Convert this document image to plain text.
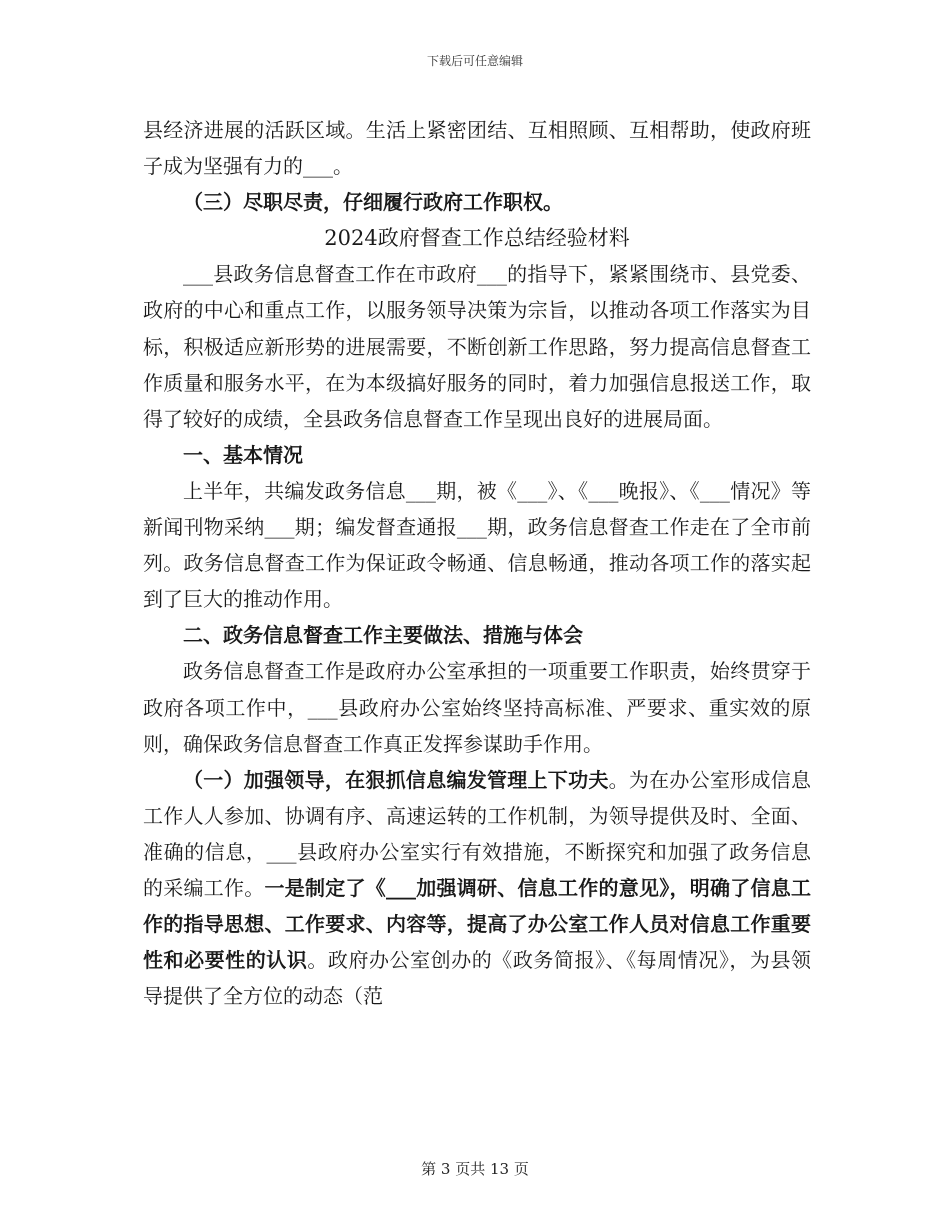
下载后可任意编辑

县经济进展的活跃区域。生活上紧密团结、互相照顾、互相帮助，使政府班子成为坚强有力的___。

（三）尽职尽责，仔细履行政府工作职权。

2024政府督查工作总结经验材料

___县政务信息督查工作在市政府___的指导下，紧紧围绕市、县党委、政府的中心和重点工作，以服务领导决策为宗旨，以推动各项工作落实为目标，积极适应新形势的进展需要，不断创新工作思路，努力提高信息督查工作质量和服务水平，在为本级搞好服务的同时，着力加强信息报送工作，取得了较好的成绩，全县政务信息督查工作呈现出良好的进展局面。

一、基本情况

上半年，共编发政务信息___期，被《___》、《___晚报》、《___情况》等新闻刊物采纳___期；编发督查通报___期，政务信息督查工作走在了全市前列。政务信息督查工作为保证政令畅通、信息畅通，推动各项工作的落实起到了巨大的推动作用。

二、政务信息督查工作主要做法、措施与体会

政务信息督查工作是政府办公室承担的一项重要工作职责，始终贯穿于政府各项工作中，___县政府办公室始终坚持高标准、严要求、重实效的原则，确保政务信息督查工作真正发挥参谋助手作用。

（一）加强领导，在狠抓信息编发管理上下功夫。为在办公室形成信息工作人人参加、协调有序、高速运转的工作机制，为领导提供及时、全面、准确的信息，___县政府办公室实行有效措施，不断探究和加强了政务信息的采编工作。一是制定了《___加强调研、信息工作的意见》，明确了信息工作的指导思想、工作要求、内容等，提高了办公室工作人员对信息工作重要性和必要性的认识。政府办公室创办的《政务简报》、《每周情况》，为县领导提供了全方位的动态（范

第 3 页共 13 页
